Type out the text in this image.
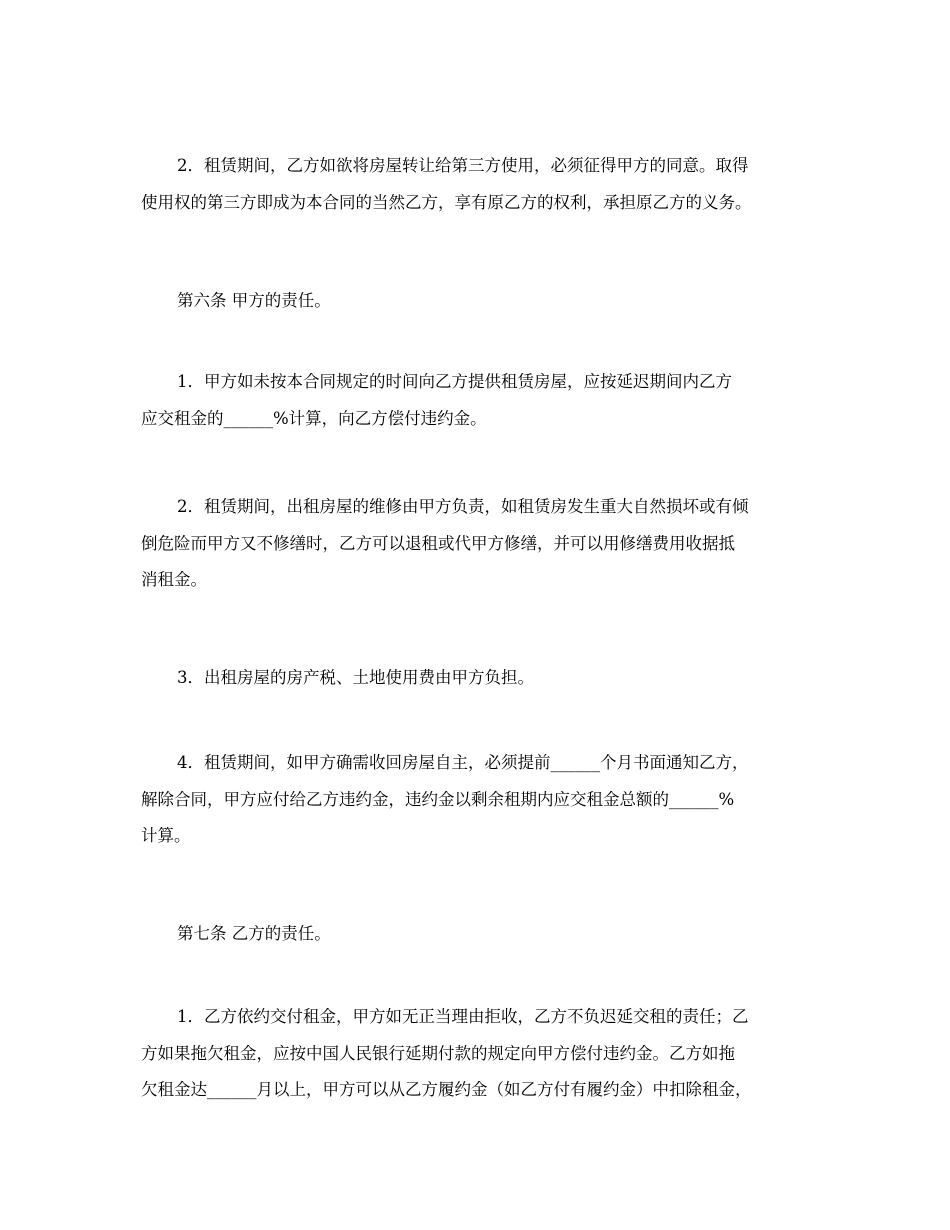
2．租赁期间，乙方如欲将房屋转让给第三方使用，必须征得甲方的同意。取得
使用权的第三方即成为本合同的当然乙方，享有原乙方的权利，承担原乙方的义务。
第六条 甲方的责任。
1．甲方如未按本合同规定的时间向乙方提供租赁房屋，应按延迟期间内乙方
应交租金的______%计算，向乙方偿付违约金。
2．租赁期间，出租房屋的维修由甲方负责，如租赁房发生重大自然损坏或有倾
倒危险而甲方又不修缮时，乙方可以退租或代甲方修缮，并可以用修缮费用收据抵
消租金。
3．出租房屋的房产税、土地使用费由甲方负担。
4．租赁期间，如甲方确需收回房屋自主，必须提前______个月书面通知乙方，
解除合同，甲方应付给乙方违约金，违约金以剩余租期内应交租金总额的______%
计算。
第七条 乙方的责任。
1．乙方依约交付租金，甲方如无正当理由拒收，乙方不负迟延交租的责任；乙
方如果拖欠租金，应按中国人民银行延期付款的规定向甲方偿付违约金。乙方如拖
欠租金达______月以上，甲方可以从乙方履约金（如乙方付有履约金）中扣除租金，
